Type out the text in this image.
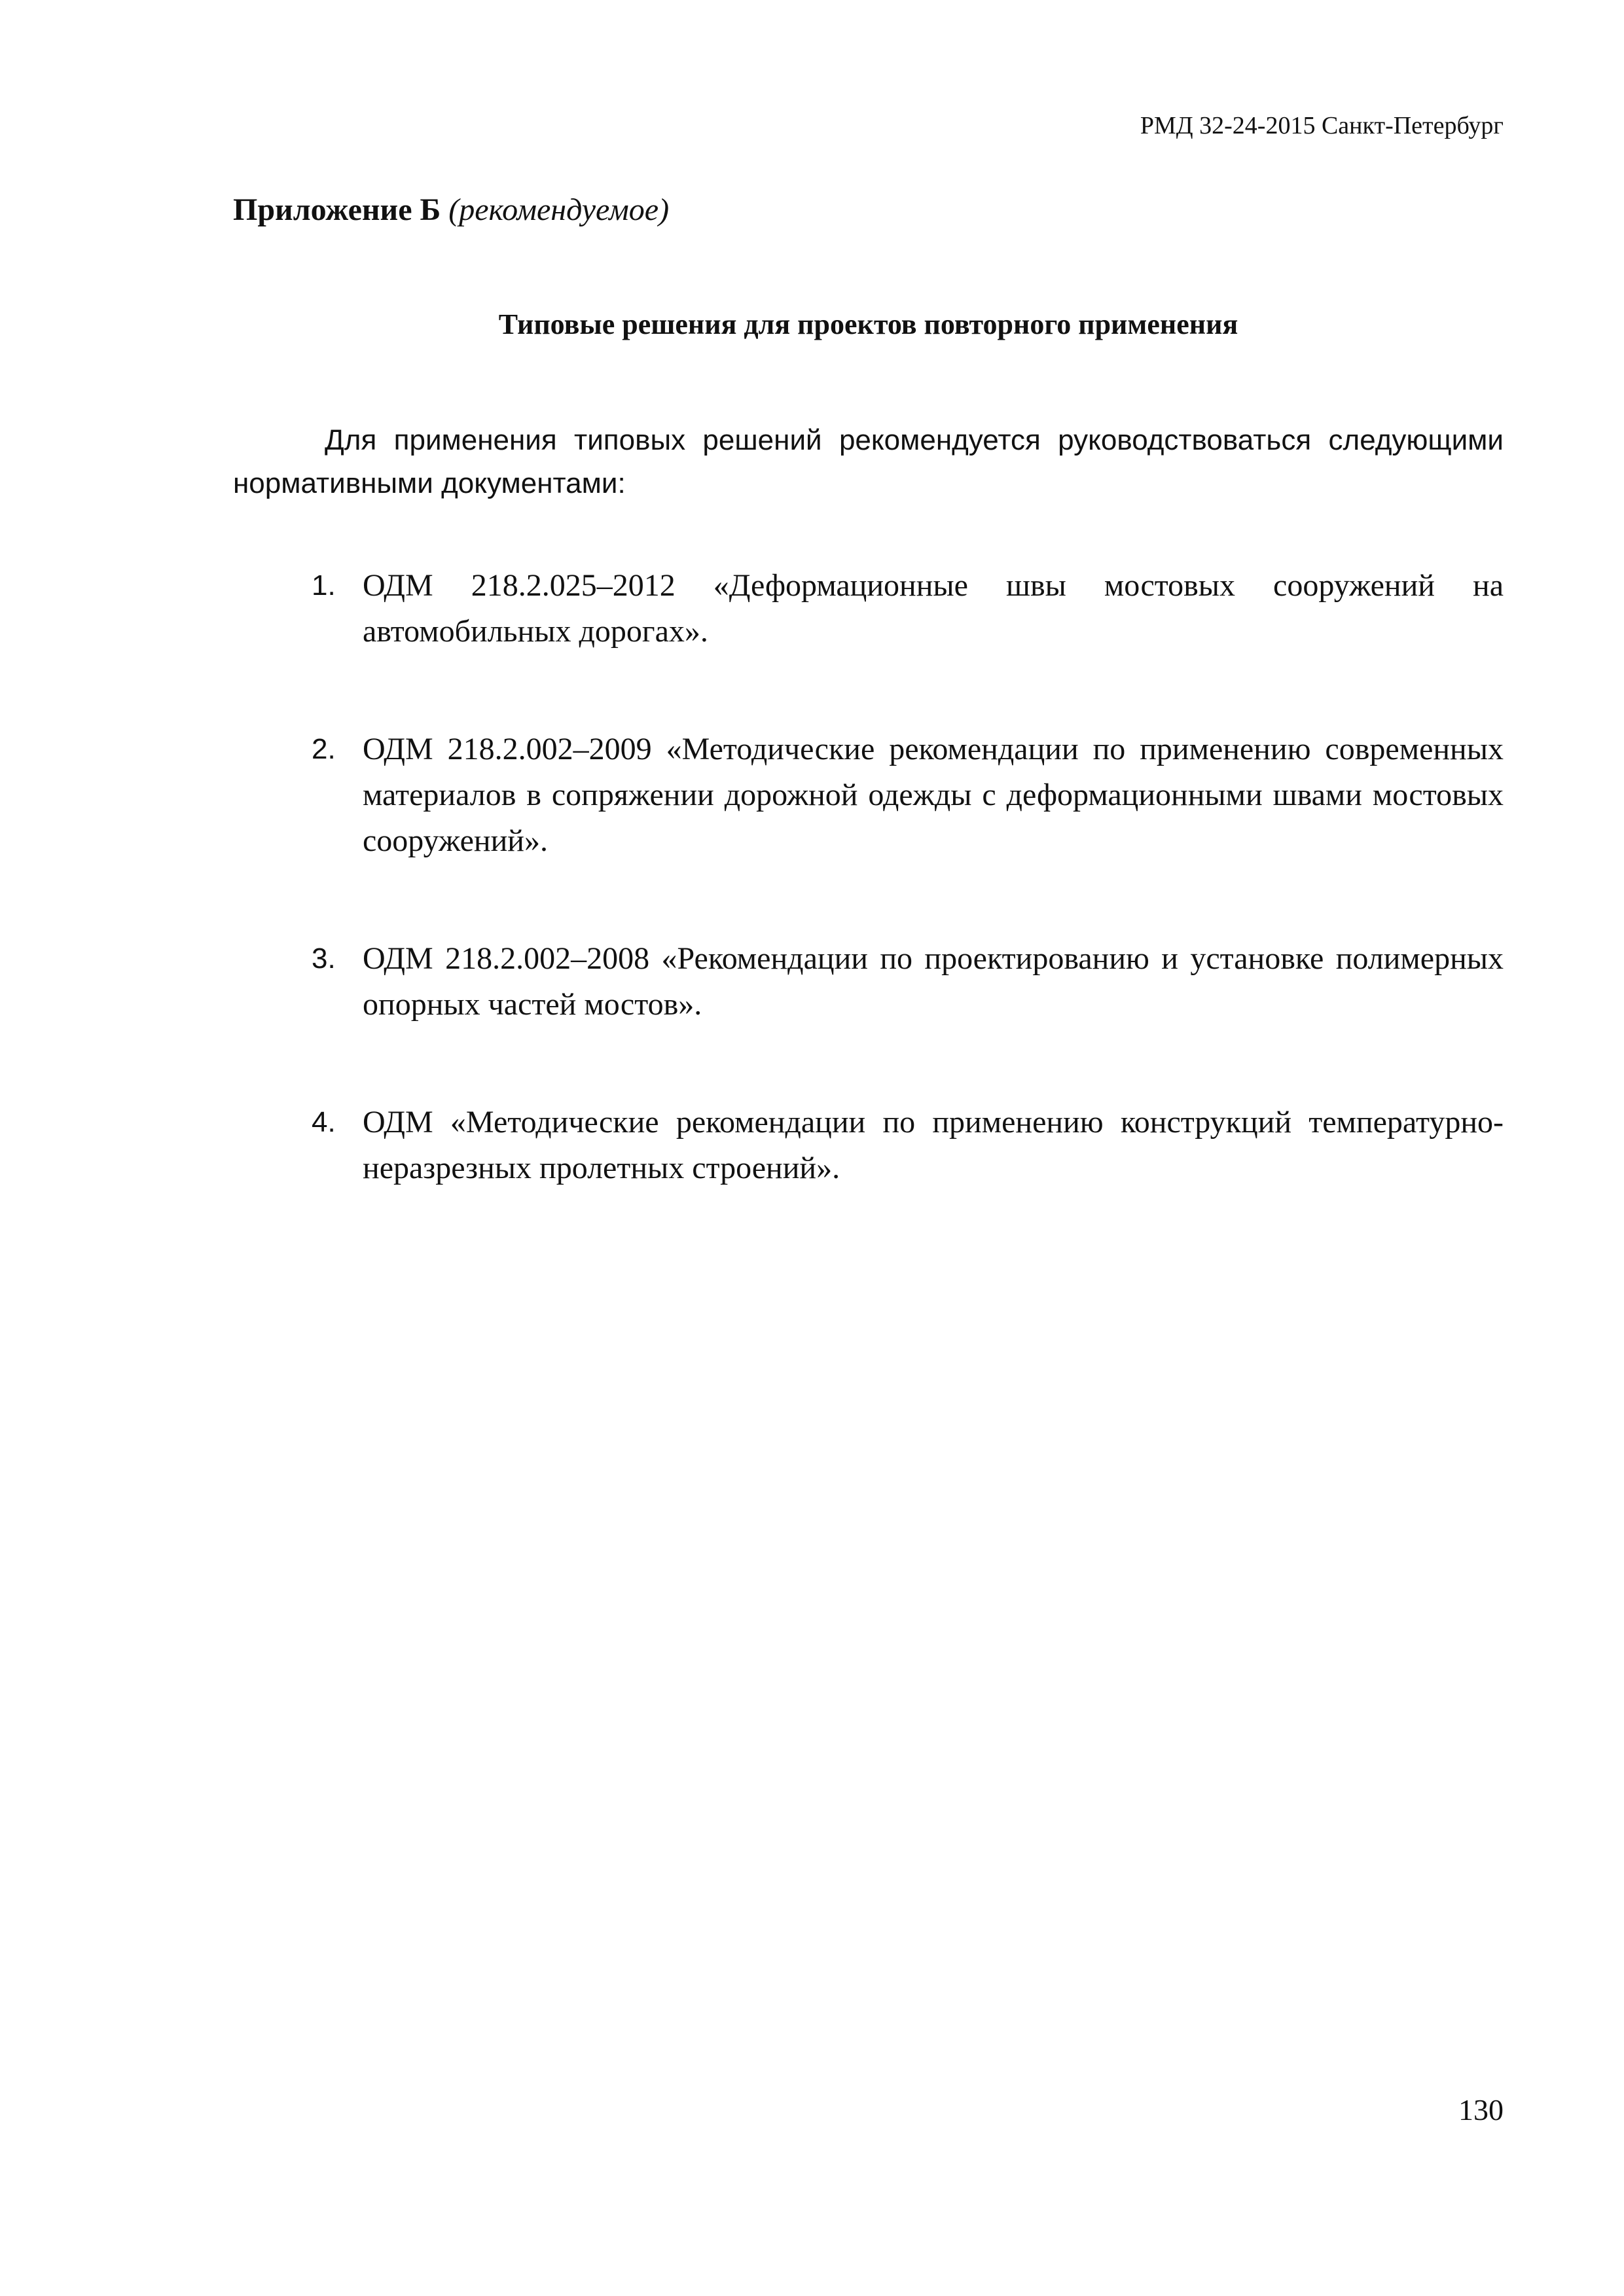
РМД 32-24-2015 Санкт-Петербург
Приложение Б (рекомендуемое)
Типовые решения для проектов повторного применения

Для применения типовых решений рекомендуется руководствоваться следующими нормативными документами:

1. ОДМ 218.2.025–2012 «Деформационные швы мостовых сооружений на автомобильных дорогах».
2. ОДМ 218.2.002–2009 «Методические рекомендации по применению современных материалов в сопряжении дорожной одежды с деформационными швами мостовых сооружений».
3. ОДМ 218.2.002–2008 «Рекомендации по проектированию и установке полимерных опорных частей мостов».
4. ОДМ «Методические рекомендации по применению конструкций температурно-неразрезных пролетных строений».
130
